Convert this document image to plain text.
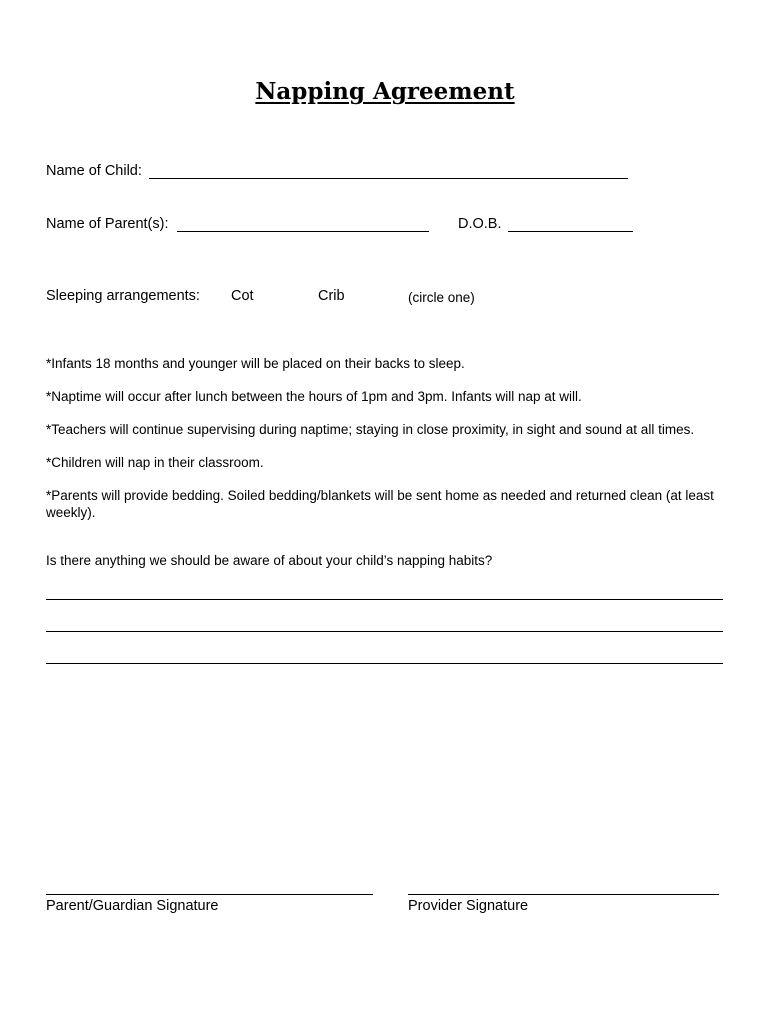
Napping Agreement
Name of Child:
Name of Parent(s):	D.O.B.
Sleeping arrangements: Cot	Crib	(circle one)
*Infants 18 months and younger will be placed on their backs to sleep.
*Naptime will occur after lunch between the hours of 1pm and 3pm. Infants will nap at will.
*Teachers will continue supervising during naptime; staying in close proximity, in sight and sound at all times.
*Children will nap in their classroom.
*Parents will provide bedding. Soiled bedding/blankets will be sent home as needed and returned clean (at least weekly).
Is there anything we should be aware of about your child’s napping habits?
Parent/Guardian Signature	Provider Signature
